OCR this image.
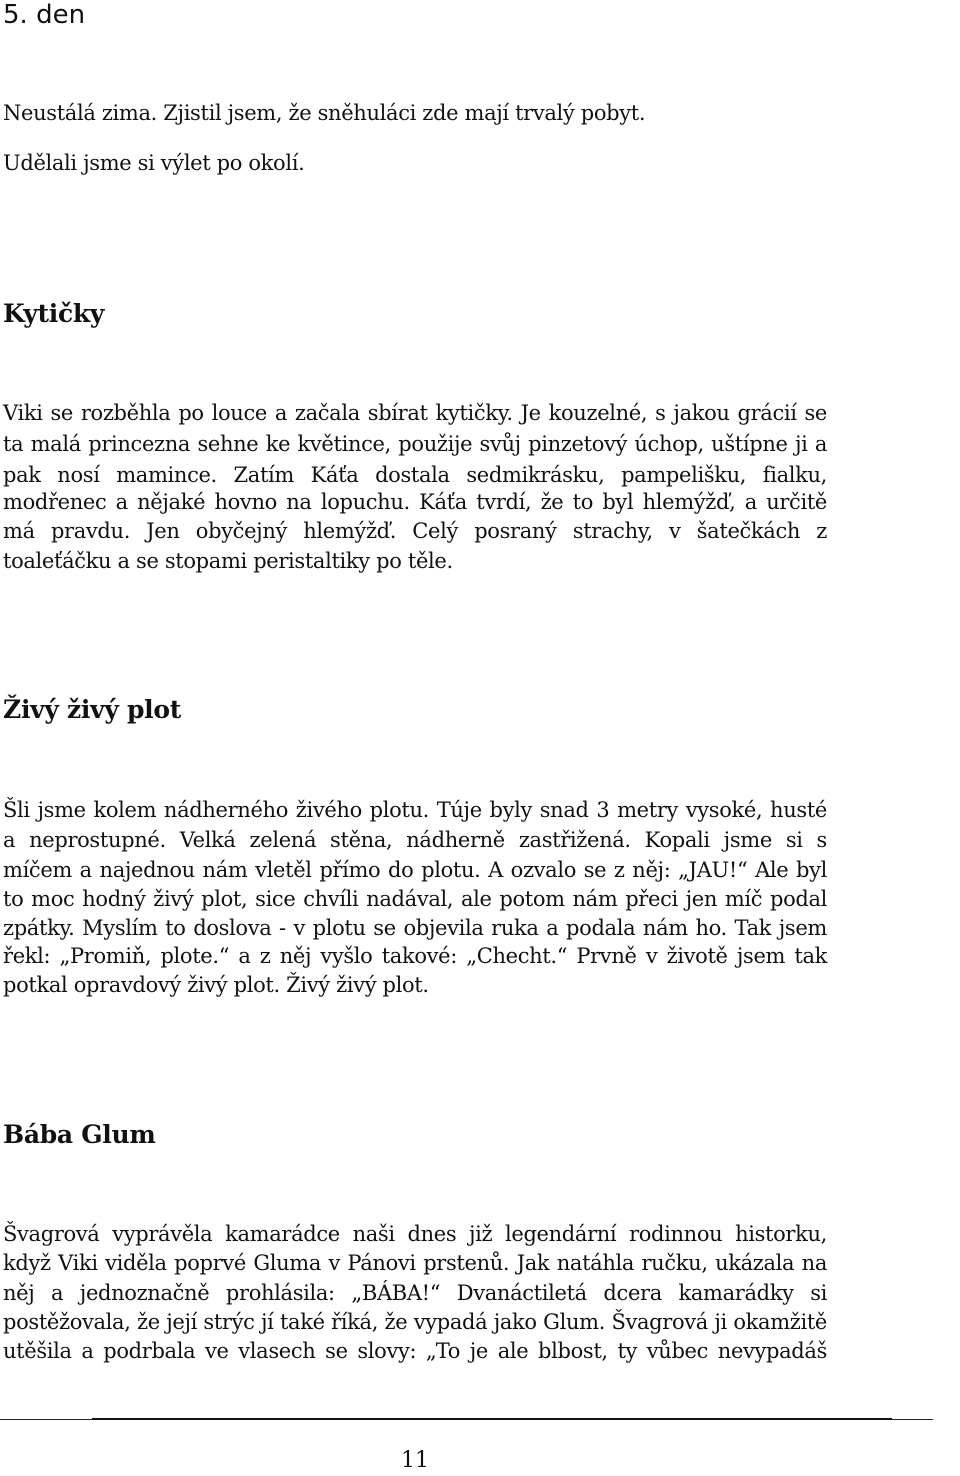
5. den
Neustálá zima. Zjistil jsem, že sněhuláci zde mají trvalý pobyt.
Udělali jsme si výlet po okolí.
Kytičky
Viki se rozběhla po louce a začala sbírat kytičky. Je kouzelné, s jakou grácií se
ta malá princezna sehne ke květince, použije svůj pinzetový úchop, uštípne ji a
pak nosí mamince. Zatím Káťa dostala sedmikrásku, pampelišku, fialku,
modřenec a nějaké hovno na lopuchu. Káťa tvrdí, že to byl hlemýžď, a určitě
má pravdu. Jen obyčejný hlemýžď. Celý posraný strachy, v šatečkách z
toaleťáčku a se stopami peristaltiky po těle.
Živý živý plot
Šli jsme kolem nádherného živého plotu. Túje byly snad 3 metry vysoké, husté
a neprostupné. Velká zelená stěna, nádherně zastřižená. Kopali jsme si s
míčem a najednou nám vletěl přímo do plotu. A ozvalo se z něj: „JAU!“ Ale byl
to moc hodný živý plot, sice chvíli nadával, ale potom nám přeci jen míč podal
zpátky. Myslím to doslova - v plotu se objevila ruka a podala nám ho. Tak jsem
řekl: „Promiň, plote.“ a z něj vyšlo takové: „Checht.“ Prvně v životě jsem tak
potkal opravdový živý plot. Živý živý plot.
Bába Glum
Švagrová vyprávěla kamarádce naši dnes již legendární rodinnou historku,
když Viki viděla poprvé Gluma v Pánovi prstenů. Jak natáhla ručku, ukázala na
něj a jednoznačně prohlásila: „BÁBA!“ Dvanáctiletá dcera kamarádky si
postěžovala, že její strýc jí také říká, že vypadá jako Glum. Švagrová ji okamžitě
utěšila a podrbala ve vlasech se slovy: „To je ale blbost, ty vůbec nevypadáš
11
